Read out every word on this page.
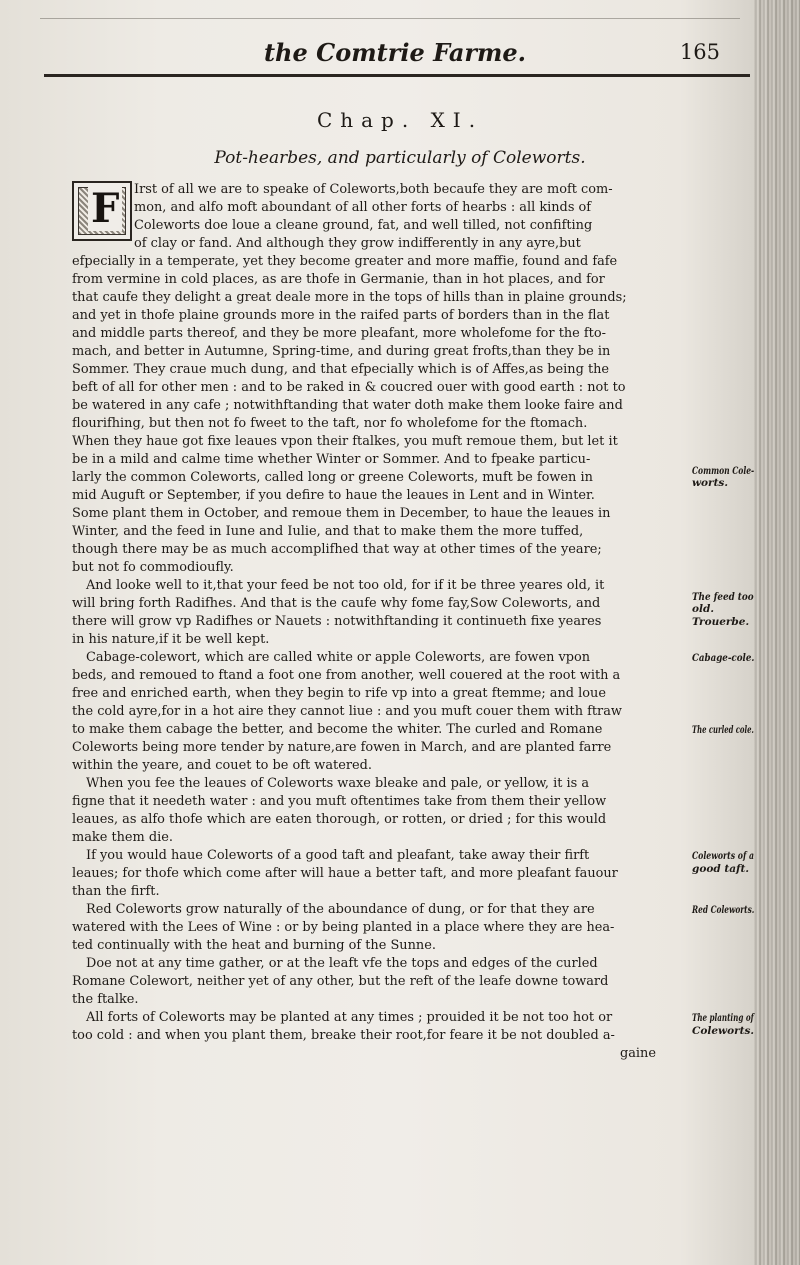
the Comtrie Farme.	165
Chap. XI.
Pot-hearbes, and particularly of Coleworts.
F Irst of all we are to speake of Coleworts,both becaufe they are moft com-
mon, and alfo moft aboundant of all other forts of hearbs : all kinds of
Coleworts doe loue a cleane ground, fat, and well tilled, not confifting
of clay or fand. And although they grow indifferently in any ayre,but
efpecially in a temperate, yet they become greater and more maffie, found and fafe
from vermine in cold places, as are thofe in Germanie, than in hot places, and for
that caufe they delight a great deale more in the tops of hills than in plaine grounds;
and yet in thofe plaine grounds more in the raifed parts of borders than in the flat
and middle parts thereof, and they be more pleafant, more wholefome for the fto-
mach, and better in Autumne, Spring-time, and during great frofts,than they be in
Sommer. They craue much dung, and that efpecially which is of Affes,as being the
beft of all for other men : and to be raked in & coucred ouer with good earth : not to
be watered in any cafe ; notwithftanding that water doth make them looke faire and
flourifhing, but then not fo fweet to the taft, nor fo wholefome for the ftomach.
When they haue got fixe leaues vpon their ftalkes, you muft remoue them, but let it
be in a mild and calme time whether Winter or Sommer. And to fpeake particu-
larly the common Coleworts, called long or greene Coleworts, muft be fowen in
mid Auguft or September, if you defire to haue the leaues in Lent and in Winter.
Some plant them in October, and remoue them in December, to haue the leaues in
Winter, and the feed in Iune and Iulie, and that to make them the more tuffed,
though there may be as much accomplifhed that way at other times of the yeare;
but not fo commodioufly.
And looke well to it,that your feed be not too old, for if it be three yeares old, it
will bring forth Radifhes. And that is the caufe why fome fay,Sow Coleworts, and
there will grow vp Radifhes or Nauets : notwithftanding it continueth fixe yeares
in his nature,if it be well kept.
Cabage-colewort, which are called white or apple Coleworts, are fowen vpon
beds, and remoued to ftand a foot one from another, well couered at the root with a
free and enriched earth, when they begin to rife vp into a great ftemme; and loue
the cold ayre,for in a hot aire they cannot liue : and you muft couer them with ftraw
to make them cabage the better, and become the whiter. The curled and Romane
Coleworts being more tender by nature,are fowen in March, and are planted farre
within the yeare, and couet to be oft watered.
When you fee the leaues of Coleworts waxe bleake and pale, or yellow, it is a
figne that it needeth water : and you muft oftentimes take from them their yellow
leaues, as alfo thofe which are eaten thorough, or rotten, or dried ; for this would
make them die.
If you would haue Coleworts of a good taft and pleafant, take away their firft
leaues; for thofe which come after will haue a better taft, and more pleafant fauour
than the firft.
Red Coleworts grow naturally of the aboundance of dung, or for that they are
watered with the Lees of Wine : or by being planted in a place where they are hea-
ted continually with the heat and burning of the Sunne.
Doe not at any time gather, or at the leaft vfe the tops and edges of the curled
Romane Colewort, neither yet of any other, but the reft of the leafe downe toward
the ftalke.
All forts of Coleworts may be planted at any times ; prouided it be not too hot or
too cold : and when you plant them, breake their root,for feare it be not doubled a-
gaine
Common Cole-
worts.
The feed too
old.
Trouerbe.
Cabage-cole.
The curled cole.
Coleworts of a
good taft.
Red Coleworts.
The planting of
Coleworts.
